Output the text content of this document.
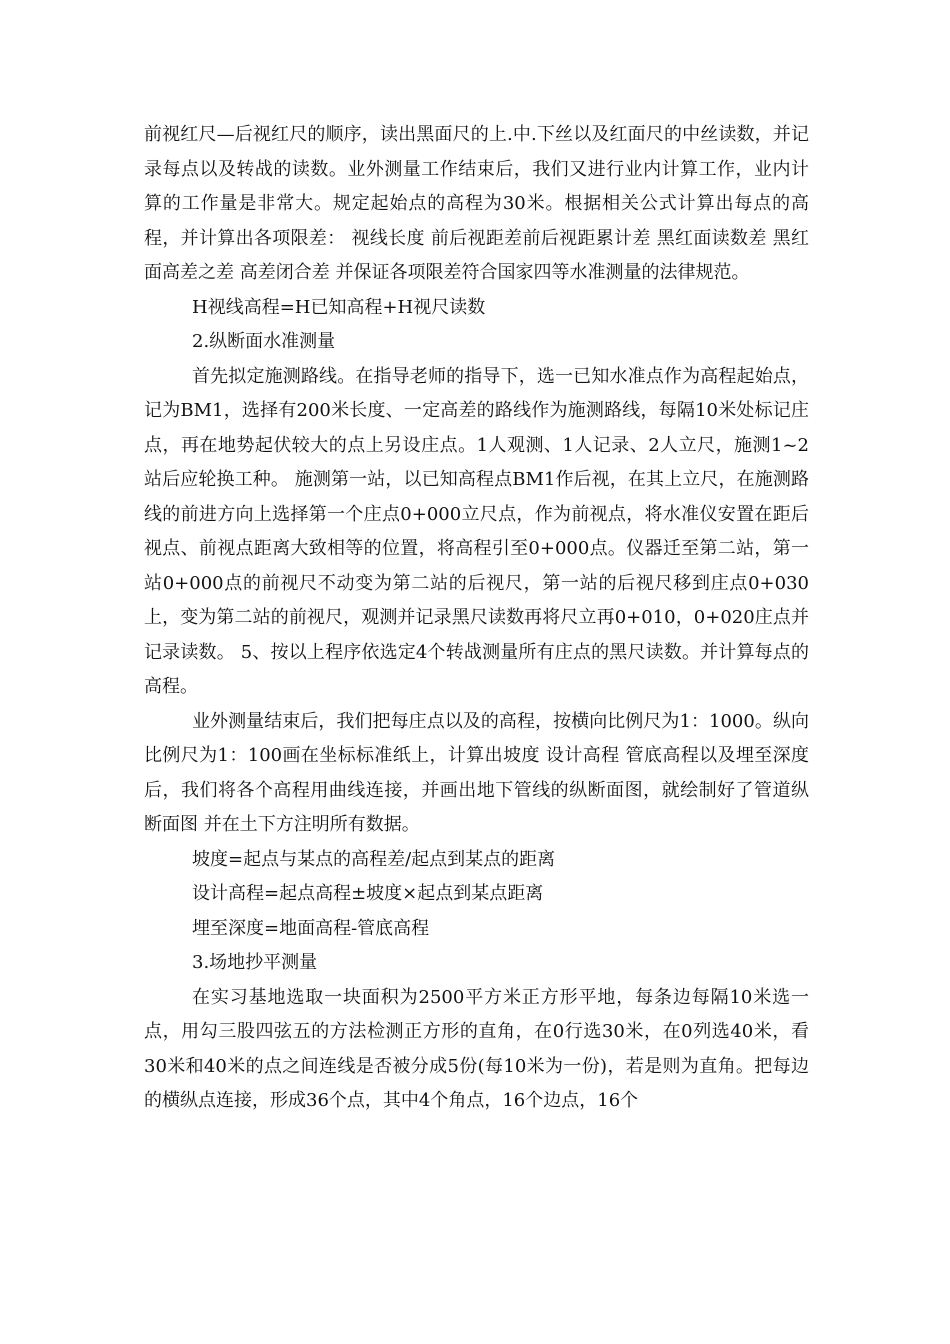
前视红尺—后视红尺的顺序，读出黑面尺的上.中.下丝以及红面尺的中丝读数，并记录每点以及转战的读数。业外测量工作结束后，我们又进行业内计算工作，业内计算的工作量是非常大。规定起始点的高程为30米。根据相关公式计算出每点的高程，并计算出各项限差： 视线长度 前后视距差前后视距累计差 黑红面读数差 黑红面高差之差 高差闭合差 并保证各项限差符合国家四等水准测量的法律规范。

H视线高程=H已知高程+H视尺读数

2.纵断面水准测量

首先拟定施测路线。在指导老师的指导下，选一已知水准点作为高程起始点，记为BM1，选择有200米长度、一定高差的路线作为施测路线，每隔10米处标记庄点，再在地势起伏较大的点上另设庄点。1人观测、1人记录、2人立尺，施测1~2站后应轮换工种。 施测第一站，以已知高程点BM1作后视，在其上立尺，在施测路线的前进方向上选择第一个庄点0+000立尺点，作为前视点，将水准仪安置在距后视点、前视点距离大致相等的位置，将高程引至0+000点。仪器迁至第二站，第一站0+000点的前视尺不动变为第二站的后视尺，第一站的后视尺移到庄点0+030上，变为第二站的前视尺，观测并记录黑尺读数再将尺立再0+010，0+020庄点并记录读数。 5、按以上程序依选定4个转战测量所有庄点的黑尺读数。并计算每点的高程。

业外测量结束后，我们把每庄点以及的高程，按横向比例尺为1：1000。纵向比例尺为1：100画在坐标标准纸上，计算出坡度 设计高程 管底高程以及埋至深度后，我们将各个高程用曲线连接，并画出地下管线的纵断面图，就绘制好了管道纵断面图 并在土下方注明所有数据。

坡度=起点与某点的高程差/起点到某点的距离

设计高程=起点高程±坡度×起点到某点距离

埋至深度=地面高程-管底高程

3.场地抄平测量

在实习基地选取一块面积为2500平方米正方形平地，每条边每隔10米选一点，用勾三股四弦五的方法检测正方形的直角，在0行选30米，在0列选40米，看30米和40米的点之间连线是否被分成5份(每10米为一份)，若是则为直角。把每边的横纵点连接，形成36个点，其中4个角点，16个边点，16个
